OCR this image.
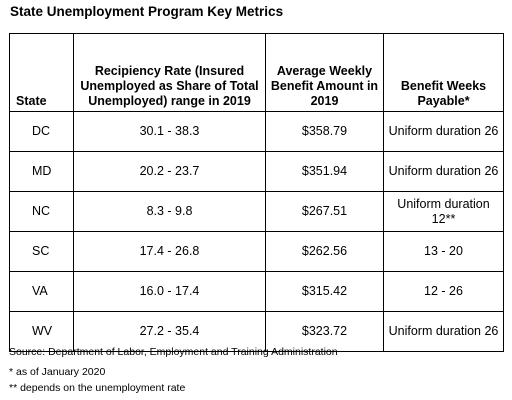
State Unemployment Program Key Metrics
State	Recipiency Rate (Insured Unemployed as Share of Total Unemployed) range in 2019	Average Weekly Benefit Amount in 2019	Benefit Weeks Payable*
DC	30.1 - 38.3	$358.79	Uniform duration 26
MD	20.2 - 23.7	$351.94	Uniform duration 26
NC	8.3 - 9.8	$267.51	Uniform duration 12**
SC	17.4 - 26.8	$262.56	13 - 20
VA	16.0 - 17.4	$315.42	12 - 26
WV	27.2 - 35.4	$323.72	Uniform duration 26
Source: Department of Labor, Employment and Training Administration
* as of January 2020
** depends on the unemployment rate
